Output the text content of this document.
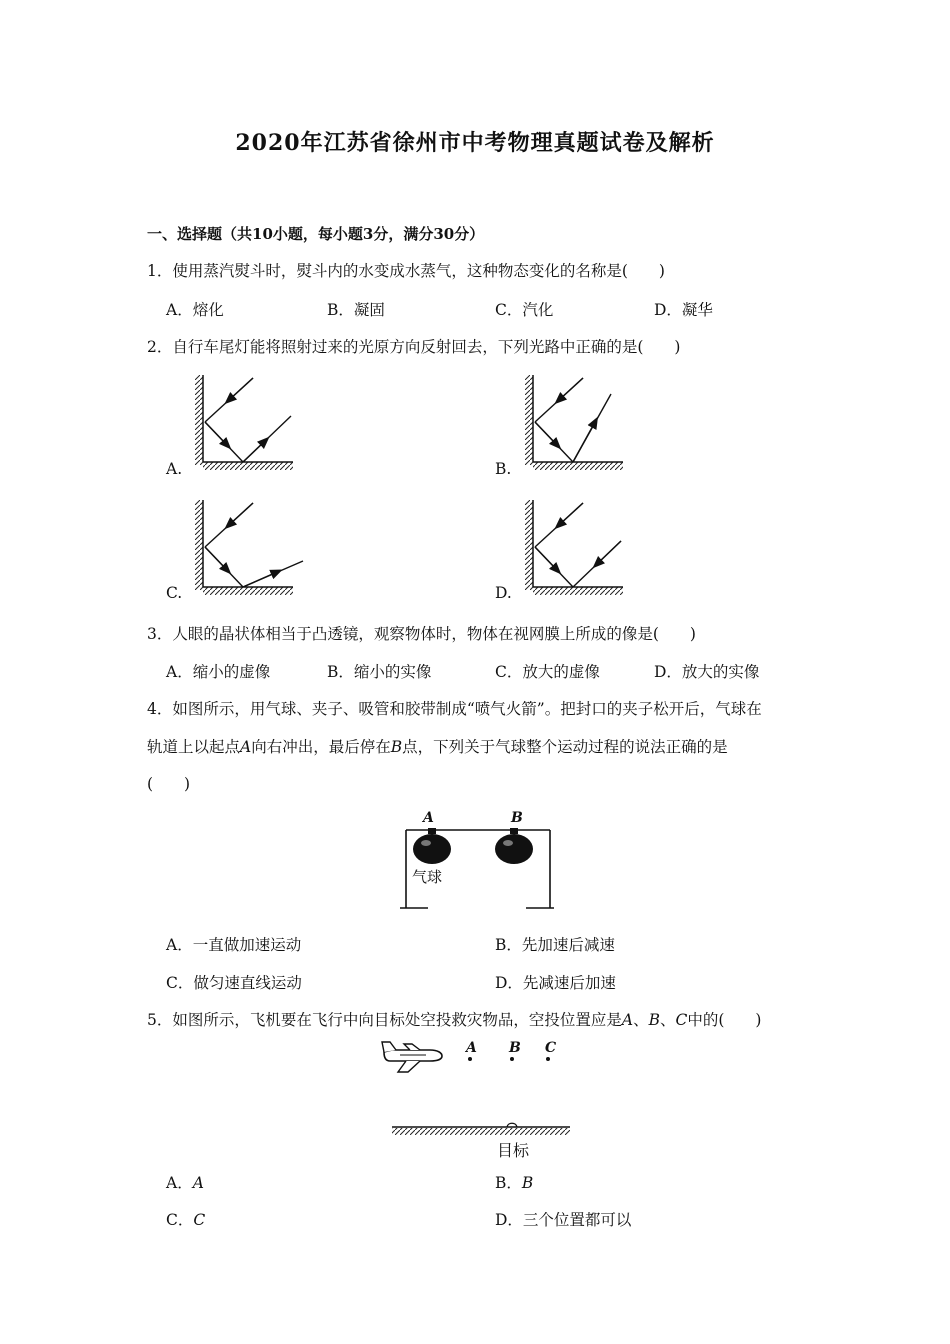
2020年江苏省徐州市中考物理真题试卷及解析
一、选择题（共10小题，每小题3分，满分30分）
1．使用蒸汽熨斗时，熨斗内的水变成水蒸气，这种物态变化的名称是(　　)
A．熔化	B．凝固	C．汽化	D．凝华
2．自行车尾灯能将照射过来的光原方向反射回去，下列光路中正确的是(　　)
A.	B.
C.	D.
3．人眼的晶状体相当于凸透镜，观察物体时，物体在视网膜上所成的像是(　　)
A．缩小的虚像	B．缩小的实像	C．放大的虚像	D．放大的实像
4．如图所示，用气球、夹子、吸管和胶带制成“喷气火箭”。把封口的夹子松开后，气球在
轨道上以起点A向右冲出，最后停在B点，下列关于气球整个运动过程的说法正确的是
(　　)
A	B
气球
A．一直做加速运动	B．先加速后减速
C．做匀速直线运动	D．先减速后加速
5．如图所示，飞机要在飞行中向目标处空投救灾物品，空投位置应是A、B、C中的(　　)
A B C
目标
A．A	B．B
C．C	D．三个位置都可以
